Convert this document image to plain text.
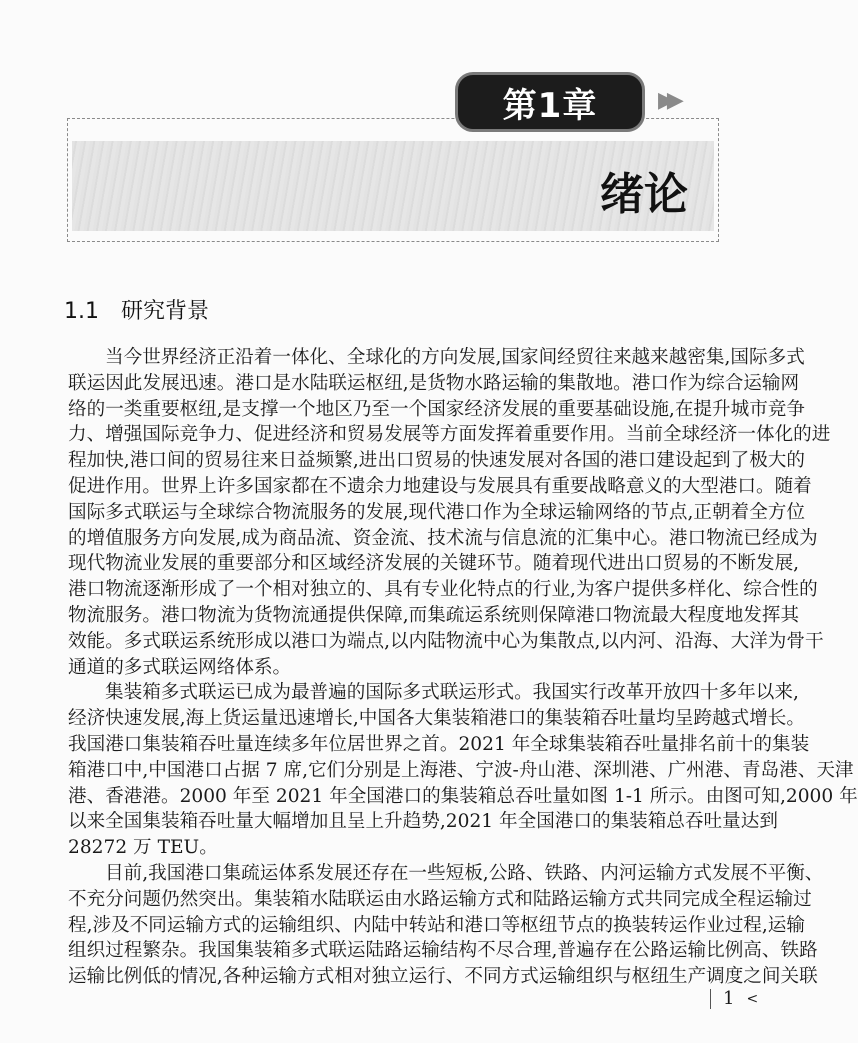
第1章	▶▶
绪论
1.1 研究背景
当今世界经济正沿着一体化、全球化的方向发展,国家间经贸往来越来越密集,国际多式
联运因此发展迅速。港口是水陆联运枢纽,是货物水路运输的集散地。港口作为综合运输网
络的一类重要枢纽,是支撑一个地区乃至一个国家经济发展的重要基础设施,在提升城市竞争
力、增强国际竞争力、促进经济和贸易发展等方面发挥着重要作用。当前全球经济一体化的进
程加快,港口间的贸易往来日益频繁,进出口贸易的快速发展对各国的港口建设起到了极大的
促进作用。世界上许多国家都在不遗余力地建设与发展具有重要战略意义的大型港口。随着
国际多式联运与全球综合物流服务的发展,现代港口作为全球运输网络的节点,正朝着全方位
的增值服务方向发展,成为商品流、资金流、技术流与信息流的汇集中心。港口物流已经成为
现代物流业发展的重要部分和区域经济发展的关键环节。随着现代进出口贸易的不断发展,
港口物流逐渐形成了一个相对独立的、具有专业化特点的行业,为客户提供多样化、综合性的
物流服务。港口物流为货物流通提供保障,而集疏运系统则保障港口物流最大程度地发挥其
效能。多式联运系统形成以港口为端点,以内陆物流中心为集散点,以内河、沿海、大洋为骨干
通道的多式联运网络体系。
集装箱多式联运已成为最普遍的国际多式联运形式。我国实行改革开放四十多年以来,
经济快速发展,海上货运量迅速增长,中国各大集装箱港口的集装箱吞吐量均呈跨越式增长。
我国港口集装箱吞吐量连续多年位居世界之首。2021 年全球集装箱吞吐量排名前十的集装
箱港口中,中国港口占据 7 席,它们分别是上海港、宁波-舟山港、深圳港、广州港、青岛港、天津
港、香港港。2000 年至 2021 年全国港口的集装箱总吞吐量如图 1-1 所示。由图可知,2000 年
以来全国集装箱吞吐量大幅增加且呈上升趋势,2021 年全国港口的集装箱总吞吐量达到
28272 万 TEU。
目前,我国港口集疏运体系发展还存在一些短板,公路、铁路、内河运输方式发展不平衡、
不充分问题仍然突出。集装箱水陆联运由水路运输方式和陆路运输方式共同完成全程运输过
程,涉及不同运输方式的运输组织、内陆中转站和港口等枢纽节点的换装转运作业过程,运输
组织过程繁杂。我国集装箱多式联运陆路运输结构不尽合理,普遍存在公路运输比例高、铁路
运输比例低的情况,各种运输方式相对独立运行、不同方式运输组织与枢纽生产调度之间关联
1 <
